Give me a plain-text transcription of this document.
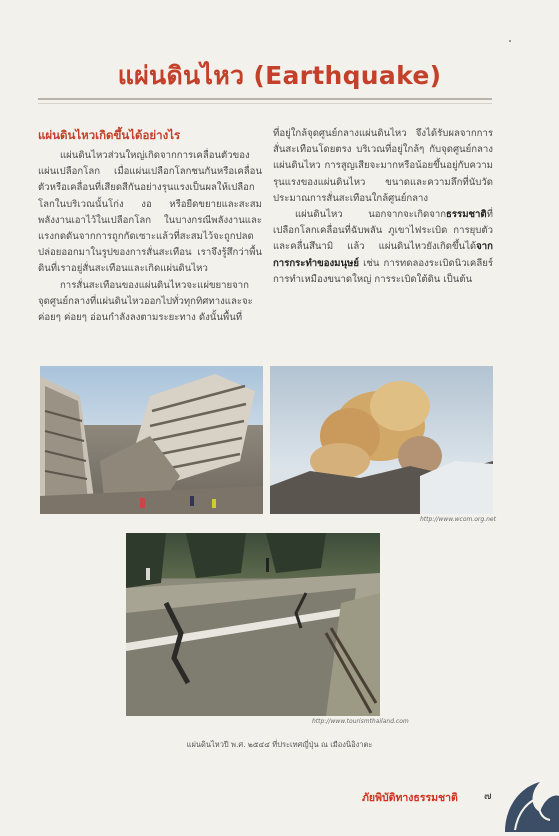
แผ่นดินไหว (Earthquake)
แผ่นดินไหวเกิดขึ้นได้อย่างไร

แผ่นดินไหวส่วนใหญ่เกิดจากการเคลื่อนตัวของแผ่นเปลือกโลก เมื่อแผ่นเปลือกโลกชนกันหรือเคลื่อนตัวหรือเคลื่อนที่เสียดสีกันอย่างรุนแรงเป็นผลให้เปลือกโลกในบริเวณนั้นโก่ง งอ หรือยืดขยายและสะสมพลังงานเอาไว้ในเปลือกโลก ในบางกรณีพลังงานและแรงกดดันจากการถูกกัดเซาะแล้วที่สะสมไว้จะถูกปลดปล่อยออกมาในรูปของการสั่นสะเทือน เราจึงรู้สึกว่าพื้นดินที่เราอยู่สั่นสะเทือนและเกิดแผ่นดินไหว

การสั่นสะเทือนของแผ่นดินไหวจะแผ่ขยายจากจุดศูนย์กลางที่แผ่นดินไหวออกไปทั่วทุกทิศทางและจะค่อยๆ ค่อยๆ อ่อนกำลังลงตามระยะทาง ดังนั้นพื้นที่

ที่อยู่ใกล้จุดศูนย์กลางแผ่นดินไหว จึงได้รับผลจากการสั่นสะเทือนโดยตรง บริเวณที่อยู่ใกล้ๆ กับจุดศูนย์กลางแผ่นดินไหว การสูญเสียจะมากหรือน้อยขึ้นอยู่กับความรุนแรงของแผ่นดินไหว ขนาดและความลึกที่นับวัดประมาณการสั่นสะเทือนใกล้ศูนย์กลาง

แผ่นดินไหว นอกจากจะเกิดจากธรรมชาติที่เปลือกโลกเคลื่อนที่ฉับพลัน ภูเขาไฟระเบิด การยุบตัว และคลื่นสึนามิ แล้ว แผ่นดินไหวยังเกิดขึ้นได้จากการกระทำของมนุษย์ เช่น การทดลองระเบิดนิวเคลียร์ การทำเหมืองขนาดใหญ่ การระเบิดใต้ดิน เป็นต้น

http://www.wcom.org.net
http://www.tourismthailand.com
แผ่นดินไหวปี พ.ศ. ๒๕๔๔ ที่ประเทศญี่ปุ่น ณ เมืองนิอิงาตะ
ภัยพิบัติทางธรรมชาติ	๗
